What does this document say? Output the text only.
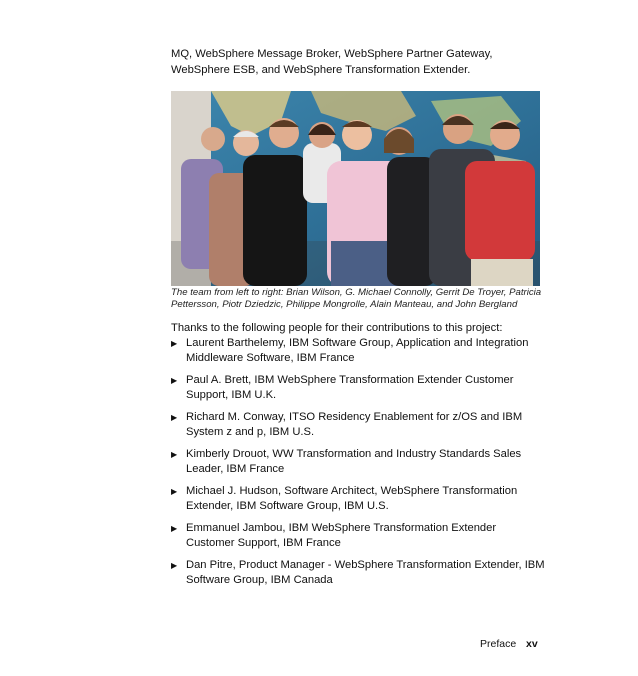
MQ, WebSphere Message Broker, WebSphere Partner Gateway, WebSphere ESB, and WebSphere Transformation Extender.

The team from left to right: Brian Wilson, G. Michael Connolly, Gerrit De Troyer, Patricia Pettersson, Piotr Dziedzic, Philippe Mongrolle, Alain Manteau, and John Bergland

Thanks to the following people for their contributions to this project:

▶ Laurent Barthelemy, IBM Software Group, Application and Integration Middleware Software, IBM France
▶ Paul A. Brett, IBM WebSphere Transformation Extender Customer Support, IBM U.K.
▶ Richard M. Conway, ITSO Residency Enablement for z/OS and IBM System z and p, IBM U.S.
▶ Kimberly Drouot, WW Transformation and Industry Standards Sales Leader, IBM France
▶ Michael J. Hudson, Software Architect, WebSphere Transformation Extender, IBM Software Group, IBM U.S.
▶ Emmanuel Jambou, IBM WebSphere Transformation Extender Customer Support, IBM France
▶ Dan Pitre, Product Manager - WebSphere Transformation Extender, IBM Software Group, IBM Canada
Preface xv
